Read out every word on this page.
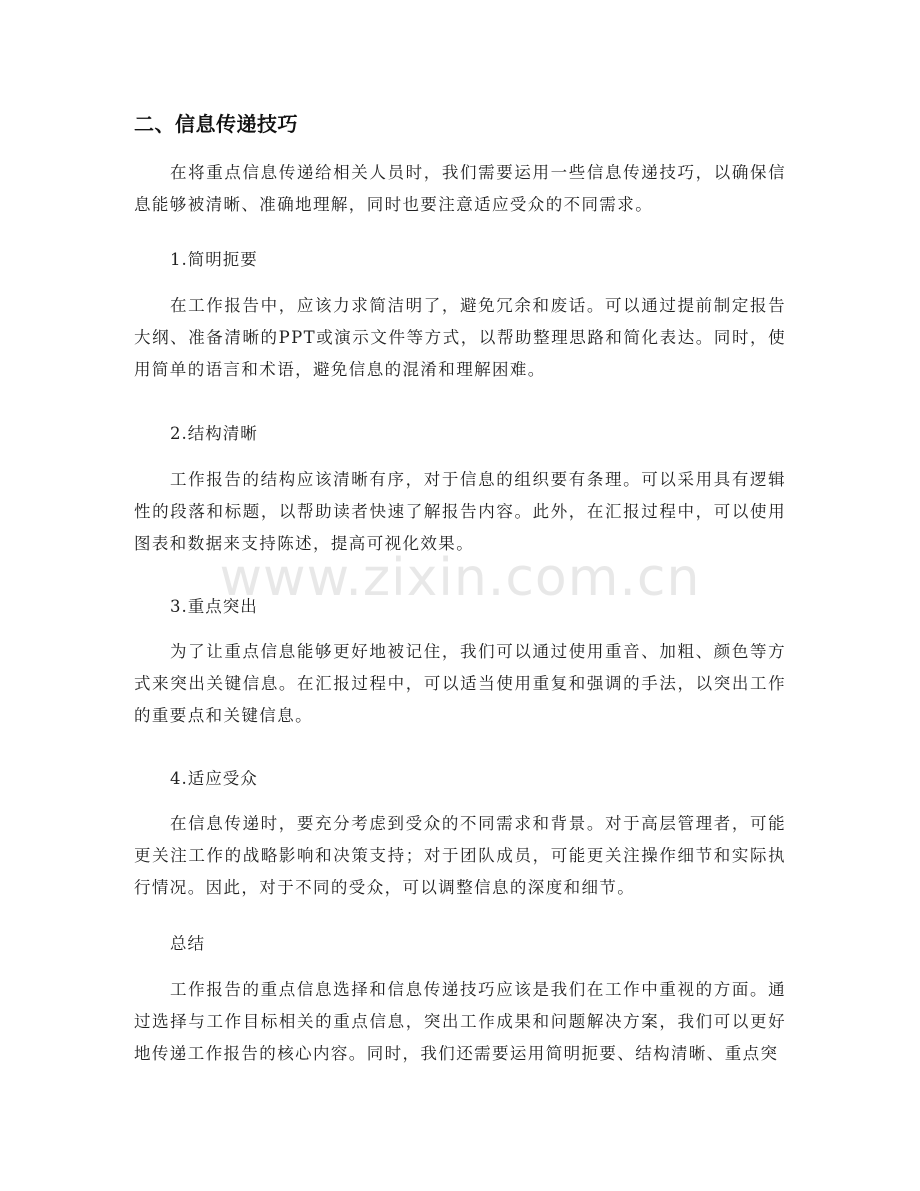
二、信息传递技巧

在将重点信息传递给相关人员时，我们需要运用一些信息传递技巧，以确保信息能够被清晰、准确地理解，同时也要注意适应受众的不同需求。

1.简明扼要

在工作报告中，应该力求简洁明了，避免冗余和废话。可以通过提前制定报告大纲、准备清晰的PPT或演示文件等方式，以帮助整理思路和简化表达。同时，使用简单的语言和术语，避免信息的混淆和理解困难。

2.结构清晰

工作报告的结构应该清晰有序，对于信息的组织要有条理。可以采用具有逻辑性的段落和标题，以帮助读者快速了解报告内容。此外，在汇报过程中，可以使用图表和数据来支持陈述，提高可视化效果。

3.重点突出

为了让重点信息能够更好地被记住，我们可以通过使用重音、加粗、颜色等方式来突出关键信息。在汇报过程中，可以适当使用重复和强调的手法，以突出工作的重要点和关键信息。

4.适应受众

在信息传递时，要充分考虑到受众的不同需求和背景。对于高层管理者，可能更关注工作的战略影响和决策支持；对于团队成员，可能更关注操作细节和实际执行情况。因此，对于不同的受众，可以调整信息的深度和细节。

总结

工作报告的重点信息选择和信息传递技巧应该是我们在工作中重视的方面。通过选择与工作目标相关的重点信息，突出工作成果和问题解决方案，我们可以更好地传递工作报告的核心内容。同时，我们还需要运用简明扼要、结构清晰、重点突

www.zixin.com.cn
